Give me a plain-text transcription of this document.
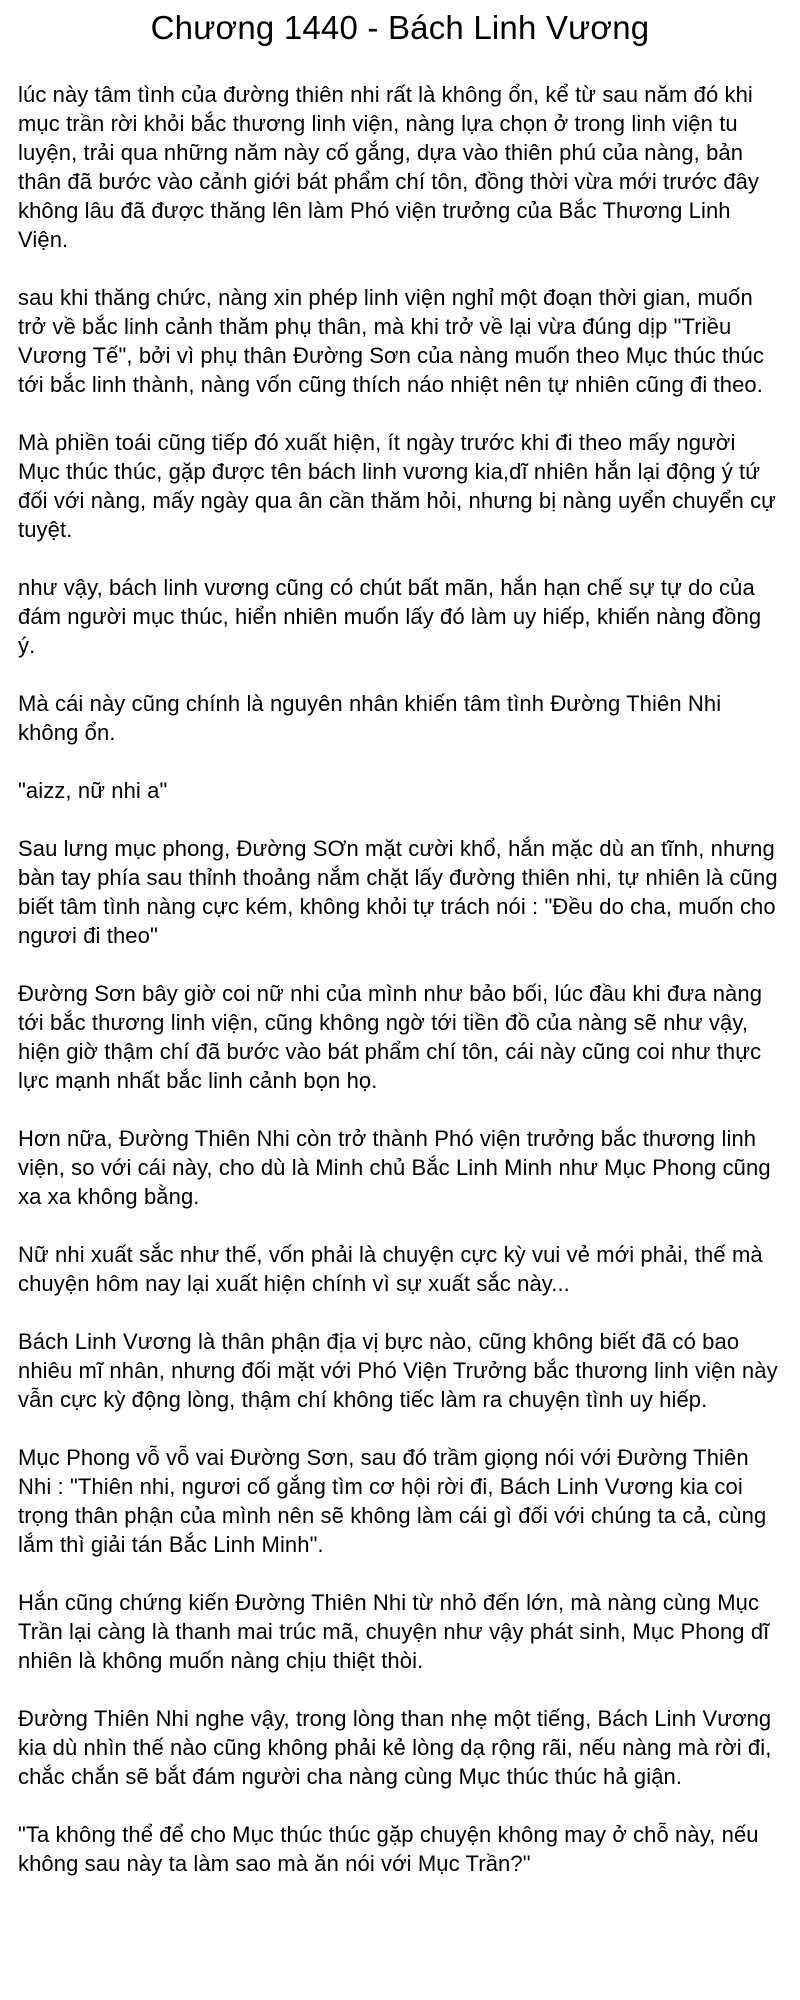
Chương 1440 - Bách Linh Vương

lúc này tâm tình của đường thiên nhi rất là không ổn, kể từ sau năm đó khi mục trần rời khỏi bắc thương linh viện, nàng lựa chọn ở trong linh viện tu luyện, trải qua những năm này cố gắng, dựa vào thiên phú của nàng, bản thân đã bước vào cảnh giới bát phẩm chí tôn, đồng thời vừa mới trước đây không lâu đã được thăng lên làm Phó viện trưởng của Bắc Thương Linh Viện.

sau khi thăng chức, nàng xin phép linh viện nghỉ một đoạn thời gian, muốn trở về bắc linh cảnh thăm phụ thân, mà khi trở về lại vừa đúng dịp "Triều Vương Tế", bởi vì phụ thân Đường Sơn của nàng muốn theo Mục thúc thúc tới bắc linh thành, nàng vốn cũng thích náo nhiệt nên tự nhiên cũng đi theo.

Mà phiền toái cũng tiếp đó xuất hiện, ít ngày trước khi đi theo mấy người Mục thúc thúc, gặp được tên bách linh vương kia,dĩ nhiên hắn lại động ý tứ đối với nàng, mấy ngày qua ân cần thăm hỏi, nhưng bị nàng uyển chuyển cự tuyệt.

như vậy, bách linh vương cũng có chút bất mãn, hắn hạn chế sự tự do của đám người mục thúc, hiển nhiên muốn lấy đó làm uy hiếp, khiến nàng đồng ý.

Mà cái này cũng chính là nguyên nhân khiến tâm tình Đường Thiên Nhi không ổn.

"aizz, nữ nhi a"

Sau lưng mục phong, Đường SƠn mặt cười khổ, hắn mặc dù an tĩnh, nhưng bàn tay phía sau thỉnh thoảng nắm chặt lấy đường thiên nhi, tự nhiên là cũng biết tâm tình nàng cực kém, không khỏi tự trách nói : "Đều do cha, muốn cho ngươi đi theo"

Đường Sơn bây giờ coi nữ nhi của mình như bảo bối, lúc đầu khi đưa nàng tới bắc thương linh viện, cũng không ngờ tới tiền đồ của nàng sẽ như vậy, hiện giờ thậm chí đã bước vào bát phẩm chí tôn, cái này cũng coi như thực lực mạnh nhất bắc linh cảnh bọn họ.

Hơn nữa, Đường Thiên Nhi còn trở thành Phó viện trưởng bắc thương linh viện, so với cái này, cho dù là Minh chủ Bắc Linh Minh như Mục Phong cũng xa xa không bằng.

Nữ nhi xuất sắc như thế, vốn phải là chuyện cực kỳ vui vẻ mới phải, thế mà chuyện hôm nay lại xuất hiện chính vì sự xuất sắc này...

Bách Linh Vương là thân phận địa vị bực nào, cũng không biết đã có bao nhiêu mĩ nhân, nhưng đối mặt với Phó Viện Trưởng bắc thương linh viện này vẫn cực kỳ động lòng, thậm chí không tiếc làm ra chuyện tình uy hiếp.

Mục Phong vỗ vỗ vai Đường Sơn, sau đó trầm giọng nói với Đường Thiên Nhi : "Thiên nhi, ngươi cố gắng tìm cơ hội rời đi, Bách Linh Vương kia coi trọng thân phận của mình nên sẽ không làm cái gì đối với chúng ta cả, cùng lắm thì giải tán Bắc Linh Minh".

Hắn cũng chứng kiến Đường Thiên Nhi từ nhỏ đến lớn, mà nàng cùng Mục Trần lại càng là thanh mai trúc mã, chuyện như vậy phát sinh, Mục Phong dĩ nhiên là không muốn nàng chịu thiệt thòi.

Đường Thiên Nhi nghe vậy, trong lòng than nhẹ một tiếng, Bách Linh Vương kia dù nhìn thế nào cũng không phải kẻ lòng dạ rộng rãi, nếu nàng mà rời đi, chắc chắn sẽ bắt đám người cha nàng cùng Mục thúc thúc hả giận.

"Ta không thể để cho Mục thúc thúc gặp chuyện không may ở chỗ này, nếu không sau này ta làm sao mà ăn nói với Mục Trần?"
